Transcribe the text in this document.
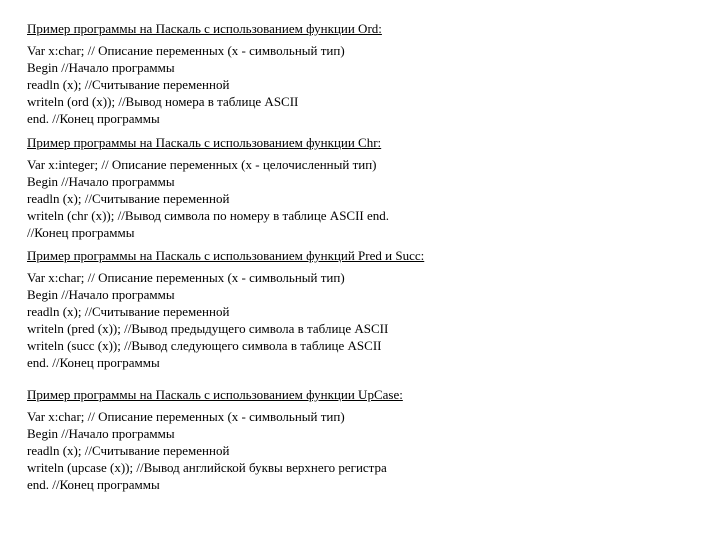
Пример программы на Паскаль с использованием функции Ord:
Var x:char; // Описание переменных (x - символьный тип)
Begin //Начало программы
readln (x); //Считывание переменной
writeln (ord (x)); //Вывод номера в таблице ASCII
end. //Конец программы
Пример программы на Паскаль с использованием функции Chr:
Var x:integer; // Описание переменных (x - целочисленный тип)
Begin //Начало программы
readln (x); //Считывание переменной
writeln (chr (x)); //Вывод символа по номеру в таблице ASCII end.
//Конец программы
Пример программы на Паскаль с использованием функций Pred и Succ:
Var x:char; // Описание переменных (x - символьный тип)
Begin //Начало программы
readln (x); //Считывание переменной
writeln (pred (x)); //Вывод предыдущего символа в таблице ASCII
writeln (succ (x)); //Вывод следующего символа в таблице ASCII
end. //Конец программы
Пример программы на Паскаль с использованием функции UpCase:
Var x:char; // Описание переменных (x - символьный тип)
Begin //Начало программы
readln (x); //Считывание переменной
writeln (upcase (x)); //Вывод английской буквы верхнего регистра
end. //Конец программы
